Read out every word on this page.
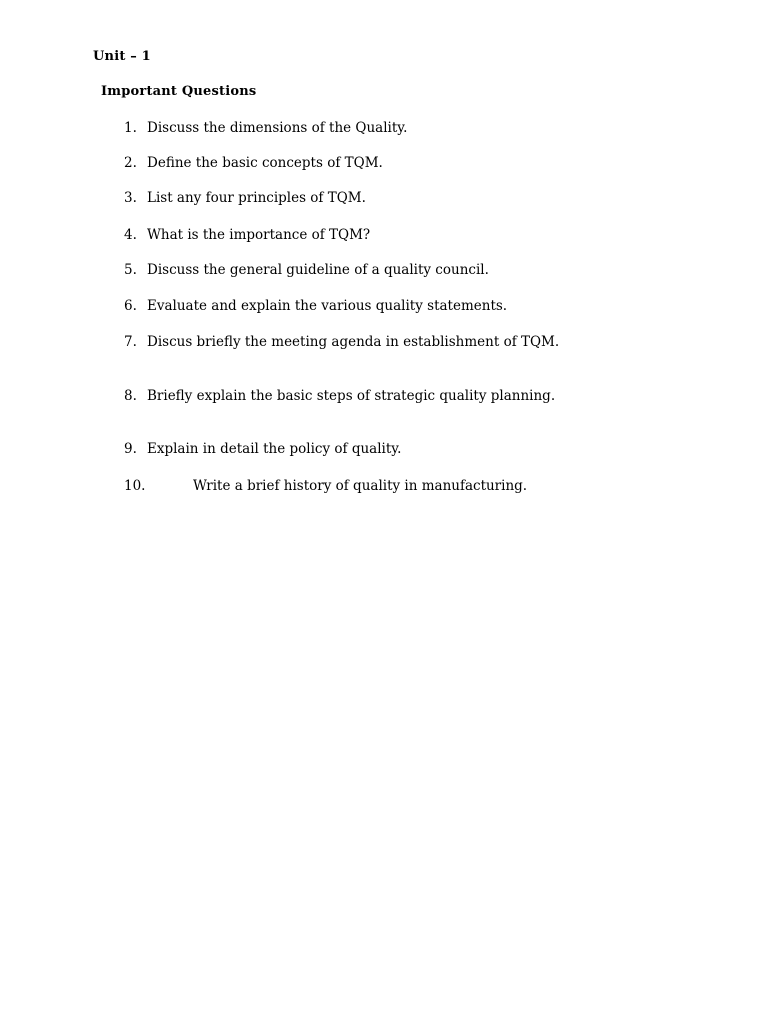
Unit – 1
Important Questions
1. Discuss the dimensions of the Quality.
2. Define the basic concepts of TQM.
3. List any four principles of TQM.
4. What is the importance of TQM?
5. Discuss the general guideline of a quality council.
6. Evaluate and explain the various quality statements.
7. Discus briefly the meeting agenda in establishment of TQM.
8. Briefly explain the basic steps of strategic quality planning.
9. Explain in detail the policy of quality.
10.	Write a brief history of quality in manufacturing.
